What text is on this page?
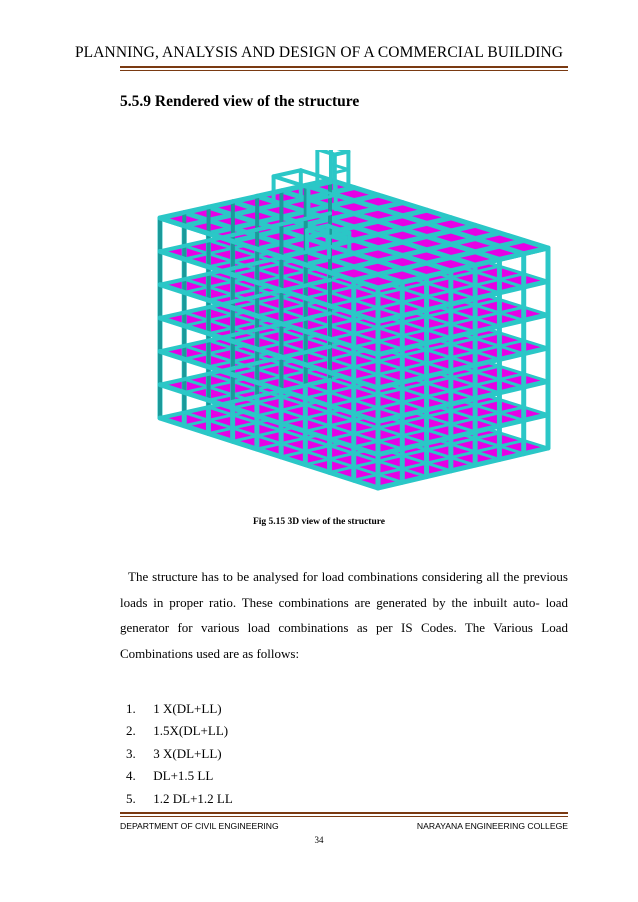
PLANNING, ANALYSIS AND DESIGN OF A COMMERCIAL BUILDING
5.5.9 Rendered view of the structure
Fig 5.15 3D view of the structure

The structure has to be analysed for load combinations considering all the previous loads in proper ratio. These combinations are generated by the inbuilt auto- load generator for various load combinations as per IS Codes. The Various Load Combinations used are as follows:

1. 1 X(DL+LL)
2. 1.5X(DL+LL)
3. 3 X(DL+LL)
4. DL+1.5 LL
5. 1.2 DL+1.2 LL
DEPARTMENT OF CIVIL ENGINEERING	NARAYANA ENGINEERING COLLEGE
34
